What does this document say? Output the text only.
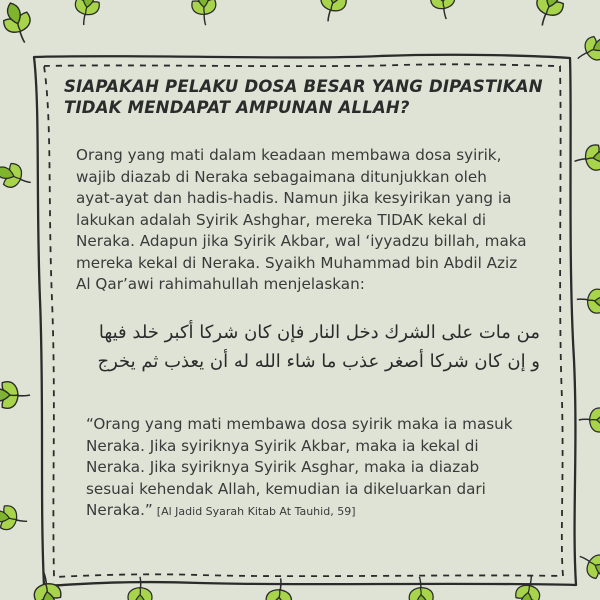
SIAPAKAH PELAKU DOSA BESAR YANG DIPASTIKAN
TIDAK MENDAPAT AMPUNAN ALLAH?
Orang yang mati dalam keadaan membawa dosa syirik,
wajib diazab di Neraka sebagaimana ditunjukkan oleh
ayat-ayat dan hadis-hadis. Namun jika kesyirikan yang ia
lakukan adalah Syirik Ashghar, mereka TIDAK kekal di
Neraka. Adapun jika Syirik Akbar, wal ‘iyyadzu billah, maka
mereka kekal di Neraka. Syaikh Muhammad bin Abdil Aziz
Al Qar’awi rahimahullah menjelaskan:
من مات على الشرك دخل النار فإن كان شركا أكبر خلد فيها
و إن كان شركا أصغر عذب ما شاء الله له أن يعذب ثم يخرج
“Orang yang mati membawa dosa syirik maka ia masuk
Neraka. Jika syiriknya Syirik Akbar, maka ia kekal di
Neraka. Jika syiriknya Syirik Asghar, maka ia diazab
sesuai kehendak Allah, kemudian ia dikeluarkan dari
Neraka.” [Al Jadid Syarah Kitab At Tauhid, 59]
